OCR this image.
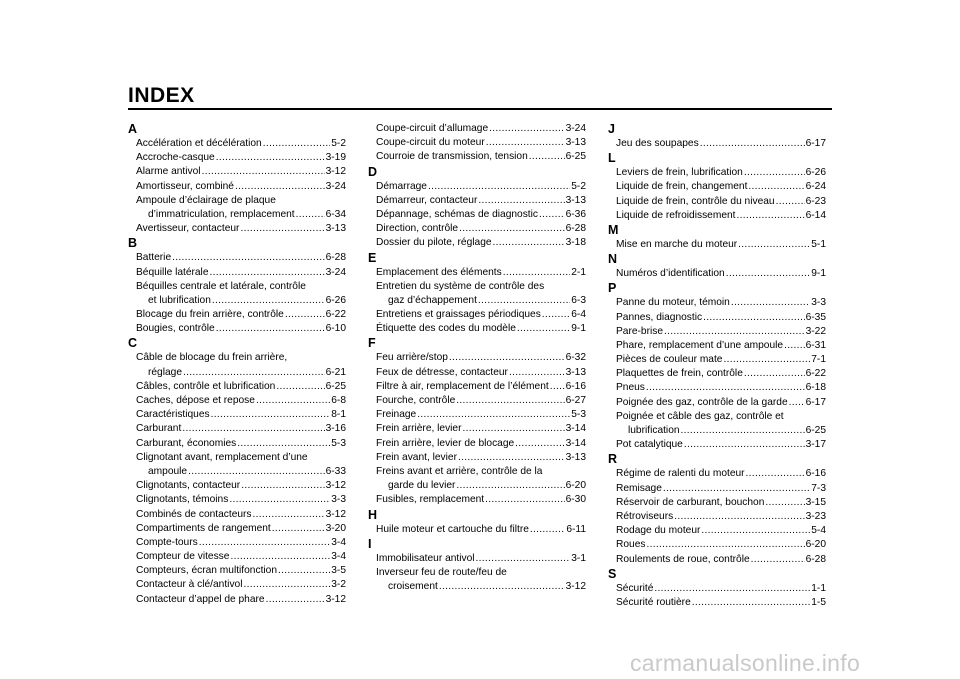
INDEX
A
Accélération et décélération .....	5-2
Accroche-casque .....	3-19
Alarme antivol .....	3-12
Amortisseur, combiné .....	3-24
Ampoule d’éclairage de plaque
d’immatriculation, remplacement .....	6-34
Avertisseur, contacteur .....	3-13
B
Batterie .....	6-28
Béquille latérale .....	3-24
Béquilles centrale et latérale, contrôle
et lubrification .....	6-26
Blocage du frein arrière, contrôle .....	6-22
Bougies, contrôle .....	6-10
C
Câble de blocage du frein arrière,
réglage .....	6-21
Câbles, contrôle et lubrification .....	6-25
Caches, dépose et repose .....	6-8
Caractéristiques .....	8-1
Carburant .....	3-16
Carburant, économies .....	5-3
Clignotant avant, remplacement d’une
ampoule .....	6-33
Clignotants, contacteur .....	3-12
Clignotants, témoins .....	3-3
Combinés de contacteurs .....	3-12
Compartiments de rangement .....	3-20
Compte-tours .....	3-4
Compteur de vitesse .....	3-4
Compteurs, écran multifonction .....	3-5
Contacteur à clé/antivol .....	3-2
Contacteur d’appel de phare .....	3-12
Coupe-circuit d’allumage .....	3-24
Coupe-circuit du moteur .....	3-13
Courroie de transmission, tension .....	6-25
D
Démarrage .....	5-2
Démarreur, contacteur .....	3-13
Dépannage, schémas de diagnostic .....	6-36
Direction, contrôle .....	6-28
Dossier du pilote, réglage .....	3-18
E
Emplacement des éléments .....	2-1
Entretien du système de contrôle des
gaz d’échappement .....	6-3
Entretiens et graissages périodiques .....	6-4
Étiquette des codes du modèle .....	9-1
F
Feu arrière/stop .....	6-32
Feux de détresse, contacteur .....	3-13
Filtre à air, remplacement de l’élément ..... 6-16
Fourche, contrôle .....	6-27
Freinage .....	5-3
Frein arrière, levier .....	3-14
Frein arrière, levier de blocage .....	3-14
Frein avant, levier .....	3-13
Freins avant et arrière, contrôle de la
garde du levier .....	6-20
Fusibles, remplacement .....	6-30
H
Huile moteur et cartouche du filtre .....	6-11
I
Immobilisateur antivol .....	3-1
Inverseur feu de route/feu de
croisement .....	3-12
J
Jeu des soupapes .....	6-17
L
Leviers de frein, lubrification .....	6-26
Liquide de frein, changement .....	6-24
Liquide de frein, contrôle du niveau .....	6-23
Liquide de refroidissement .....	6-14
M
Mise en marche du moteur .....	5-1
N
Numéros d’identification .....	9-1
P
Panne du moteur, témoin .....	3-3
Pannes, diagnostic .....	6-35
Pare-brise .....	3-22
Phare, remplacement d’une ampoule ..... 6-31
Pièces de couleur mate .....	7-1
Plaquettes de frein, contrôle .....	6-22
Pneus .....	6-18
Poignée des gaz, contrôle de la garde ..... 6-17
Poignée et câble des gaz, contrôle et
lubrification .....	6-25
Pot catalytique .....	3-17
R
Régime de ralenti du moteur .....	6-16
Remisage .....	7-3
Réservoir de carburant, bouchon .....	3-15
Rétroviseurs .....	3-23
Rodage du moteur .....	5-4
Roues .....	6-20
Roulements de roue, contrôle .....	6-28
S
Sécurité .....	1-1
Sécurité routière .....	1-5
carmanualsonline.info
